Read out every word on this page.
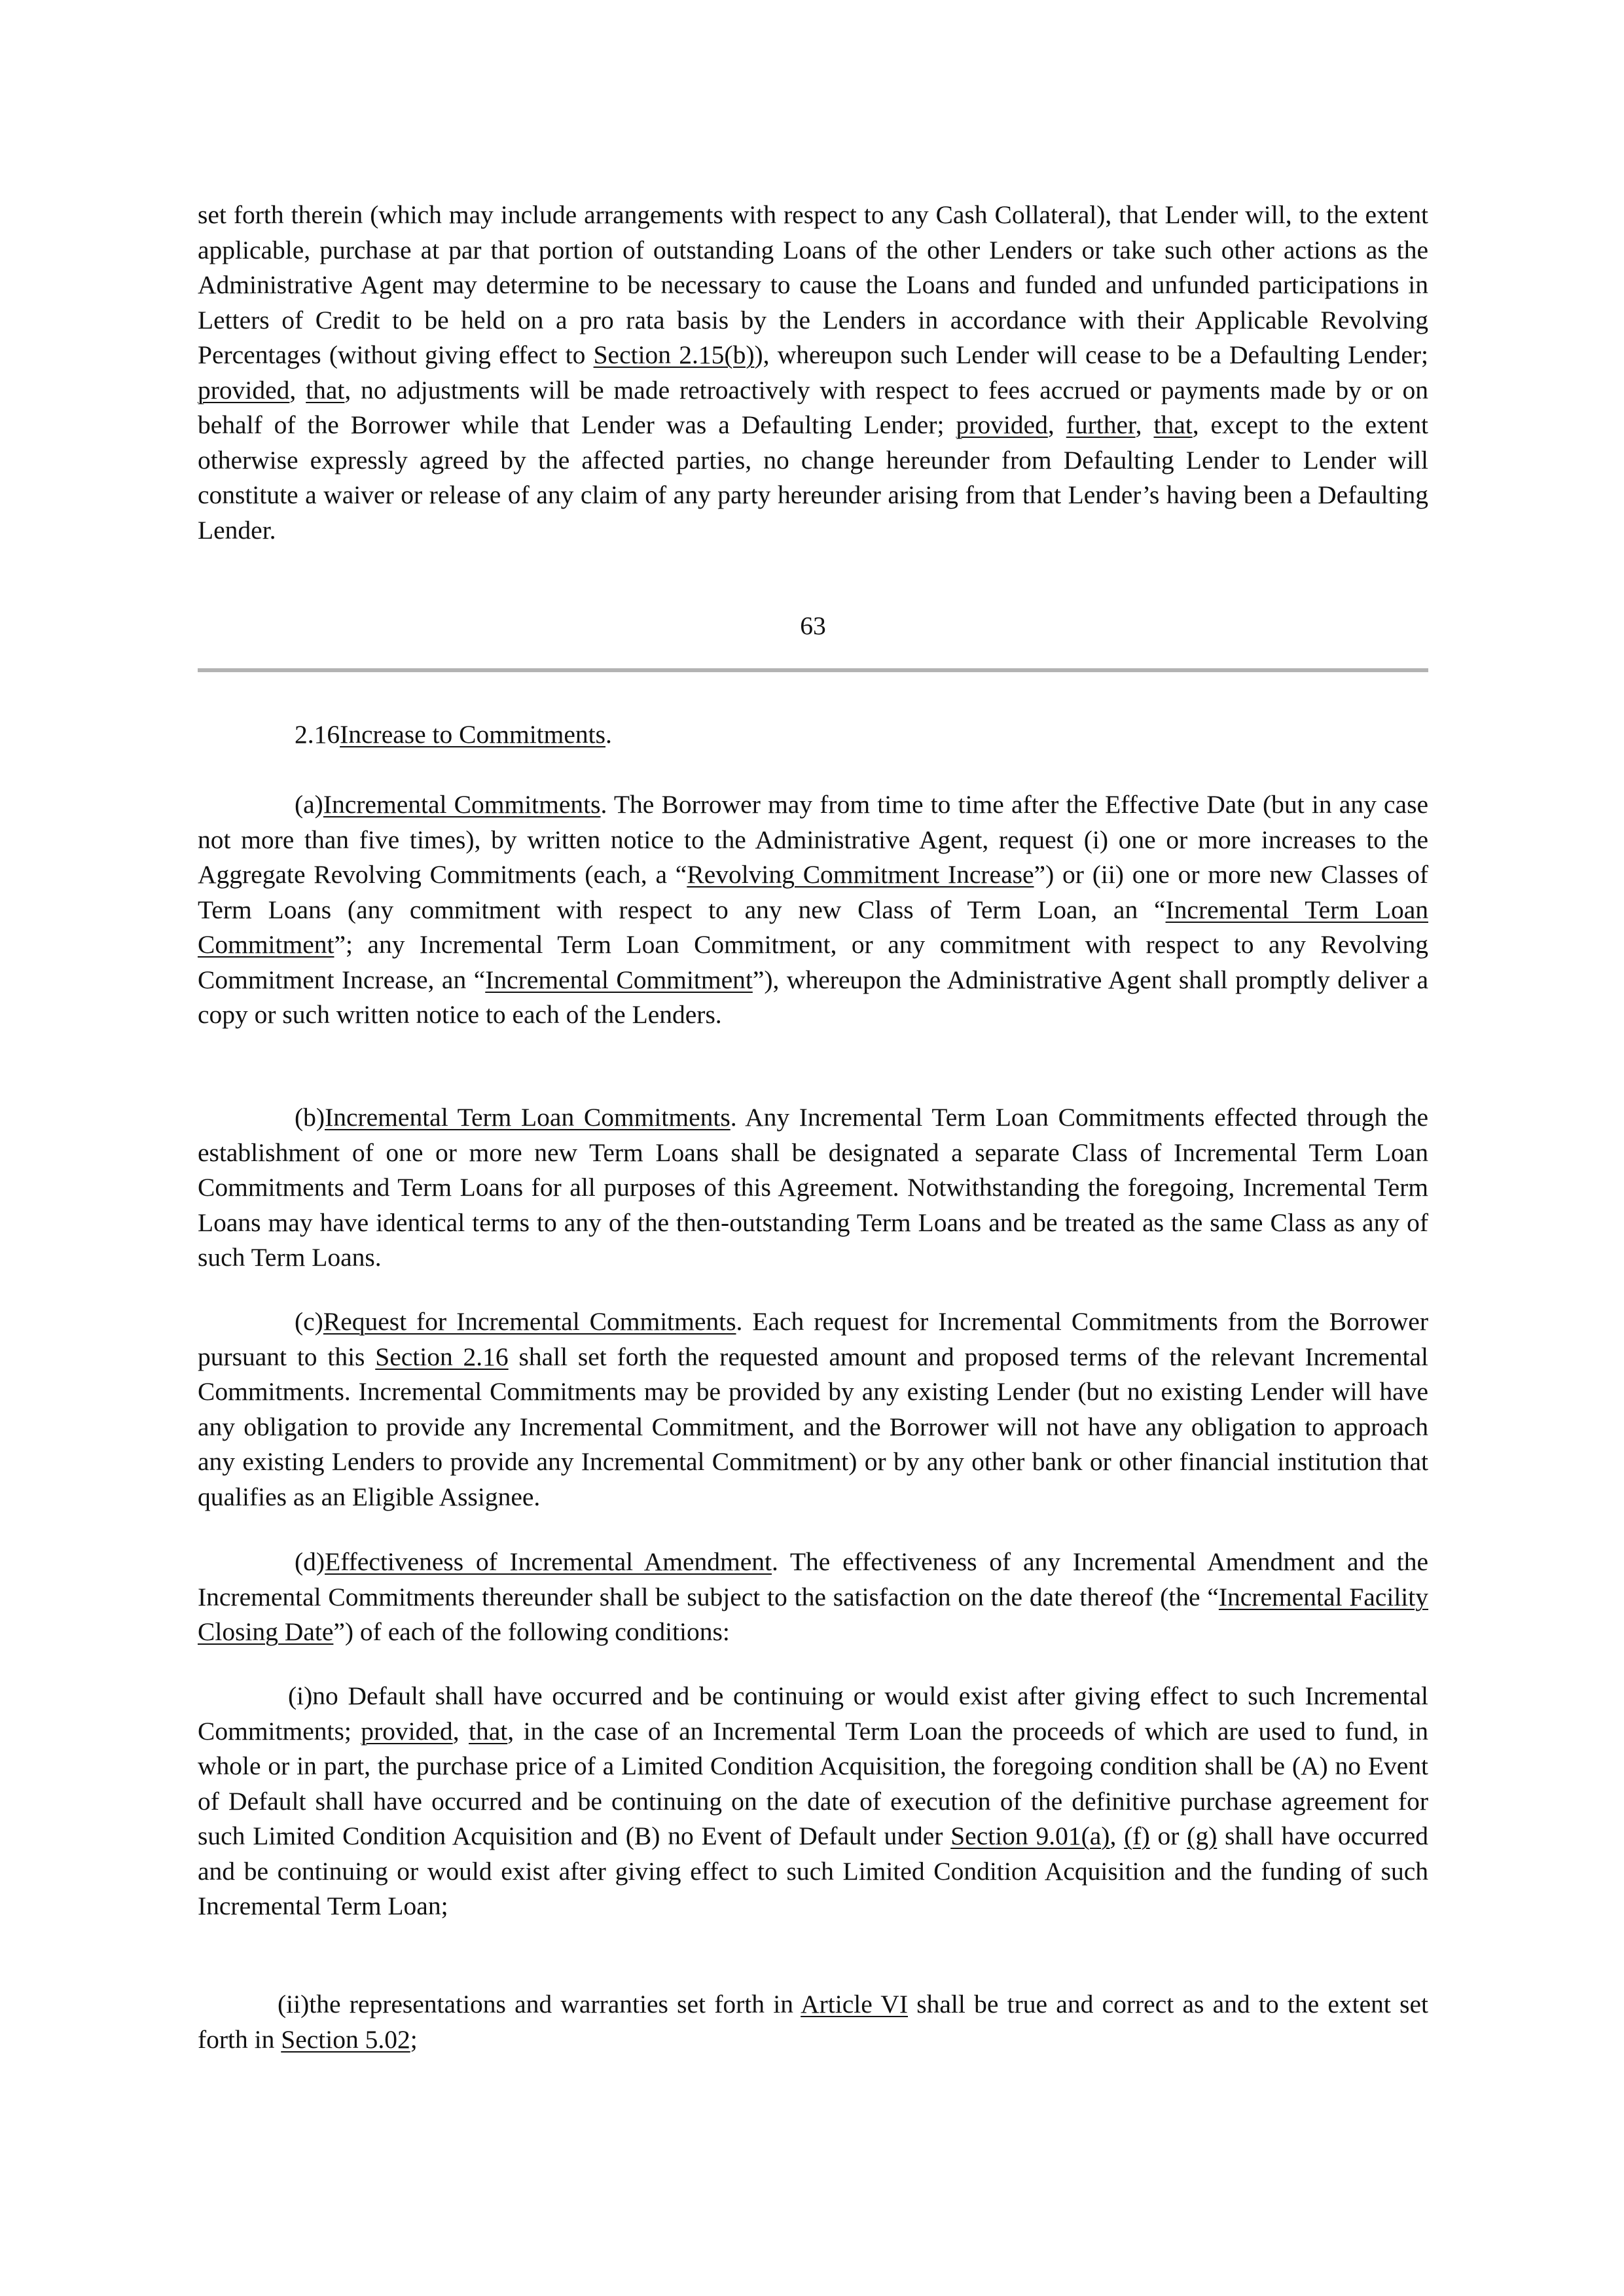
set forth therein (which may include arrangements with respect to any Cash Collateral), that Lender will, to the extent applicable, purchase at par that portion of outstanding Loans of the other Lenders or take such other actions as the Administrative Agent may determine to be necessary to cause the Loans and funded and unfunded participations in Letters of Credit to be held on a pro rata basis by the Lenders in accordance with their Applicable Revolving Percentages (without giving effect to Section 2.15(b)), whereupon such Lender will cease to be a Defaulting Lender; provided, that, no adjustments will be made retroactively with respect to fees accrued or payments made by or on behalf of the Borrower while that Lender was a Defaulting Lender; provided, further, that, except to the extent otherwise expressly agreed by the affected parties, no change hereunder from Defaulting Lender to Lender will constitute a waiver or release of any claim of any party hereunder arising from that Lender’s having been a Defaulting Lender.

63
2.16Increase to Commitments.

(a)Incremental Commitments. The Borrower may from time to time after the Effective Date (but in any case not more than five times), by written notice to the Administrative Agent, request (i) one or more increases to the Aggregate Revolving Commitments (each, a “Revolving Commitment Increase”) or (ii) one or more new Classes of Term Loans (any commitment with respect to any new Class of Term Loan, an “Incremental Term Loan Commitment”; any Incremental Term Loan Commitment, or any commitment with respect to any Revolving Commitment Increase, an “Incremental Commitment”), whereupon the Administrative Agent shall promptly deliver a copy or such written notice to each of the Lenders.

(b)Incremental Term Loan Commitments. Any Incremental Term Loan Commitments effected through the establishment of one or more new Term Loans shall be designated a separate Class of Incremental Term Loan Commitments and Term Loans for all purposes of this Agreement. Notwithstanding the foregoing, Incremental Term Loans may have identical terms to any of the then-outstanding Term Loans and be treated as the same Class as any of such Term Loans.

(c)Request for Incremental Commitments. Each request for Incremental Commitments from the Borrower pursuant to this Section 2.16 shall set forth the requested amount and proposed terms of the relevant Incremental Commitments. Incremental Commitments may be provided by any existing Lender (but no existing Lender will have any obligation to provide any Incremental Commitment, and the Borrower will not have any obligation to approach any existing Lenders to provide any Incremental Commitment) or by any other bank or other financial institution that qualifies as an Eligible Assignee.

(d)Effectiveness of Incremental Amendment. The effectiveness of any Incremental Amendment and the Incremental Commitments thereunder shall be subject to the satisfaction on the date thereof (the “Incremental Facility Closing Date”) of each of the following conditions:

(i)no Default shall have occurred and be continuing or would exist after giving effect to such Incremental Commitments; provided, that, in the case of an Incremental Term Loan the proceeds of which are used to fund, in whole or in part, the purchase price of a Limited Condition Acquisition, the foregoing condition shall be (A) no Event of Default shall have occurred and be continuing on the date of execution of the definitive purchase agreement for such Limited Condition Acquisition and (B) no Event of Default under Section 9.01(a), (f) or (g) shall have occurred and be continuing or would exist after giving effect to such Limited Condition Acquisition and the funding of such Incremental Term Loan;

(ii)the representations and warranties set forth in Article VI shall be true and correct as and to the extent set forth in Section 5.02;
